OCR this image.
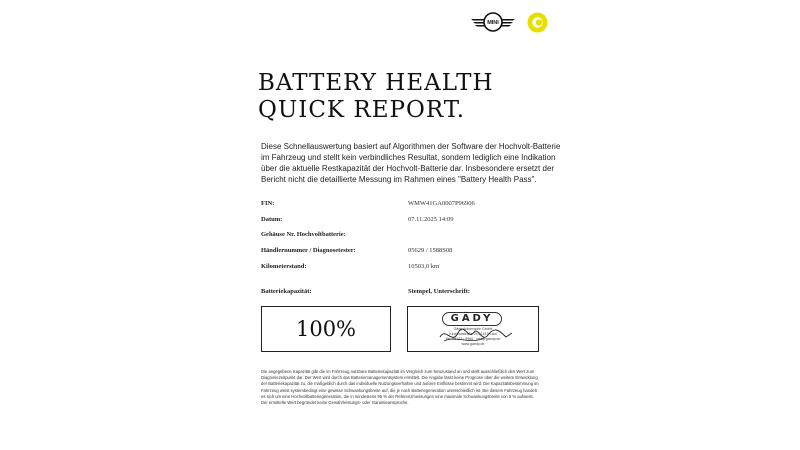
MINI
BATTERY HEALTH
QUICK REPORT.

Diese Schnellauswertung basiert auf Algorithmen der Software der Hochvolt-Batterie im Fahrzeug und stellt kein verbindliches Resultat, sondern lediglich eine Indikation über die aktuelle Restkapazität der Hochvolt-Batterie dar. Insbesondere ersetzt der Bericht nicht die detaillierte Messung im Rahmen eines "Battery Health Pass".

FIN:	WMW41GA0007P96906
Datum:	07.11.2025 14:09
Gehäuse Nr. Hochvoltbatterie:
Händlernummer / Diagnosetester:	05629 / 1588S08
Kilometerstand:	10503,0 km
Batteriekapazität:	Stempel, Unterschrift:
100%	GÄDY
Gädy Automobile GmbH
Kirchhofstraße 2b 91413 Lauf
Tel. 09123 / 9966 · info@gaedy.de
www.gaedy.de

Die angegebene Kapazität gibt die im Fahrzeug nutzbare Batteriekapazität im Vergleich zum Neuzustand an und stellt ausschließlich den Wert zum Diagnosezeitpunkt dar. Der Wert wird durch das Batteriemanagementsystem ermittelt. Die Angabe lässt keine Prognose über die weitere Entwicklung der Batteriekapazität zu, die maßgeblich durch das individuelle Nutzungsverhalten und äußere Einflüsse bestimmt wird. Die Kapazitätsbestimmung im Fahrzeug weist systembedingt eine gewisse Schwankungsbreite auf, die je nach Batteriegeneration unterschiedlich ist. Bei diesem Fahrzeug handelt es sich um eine Hochvoltbatteriegeneration, die in mindestens 95 % der Referenzmessungen eine maximale Schwankungsbreite von 5 % aufweist. Der ermittelte Wert begründet keine Gewährleistungs- oder Garantieansprüche.
